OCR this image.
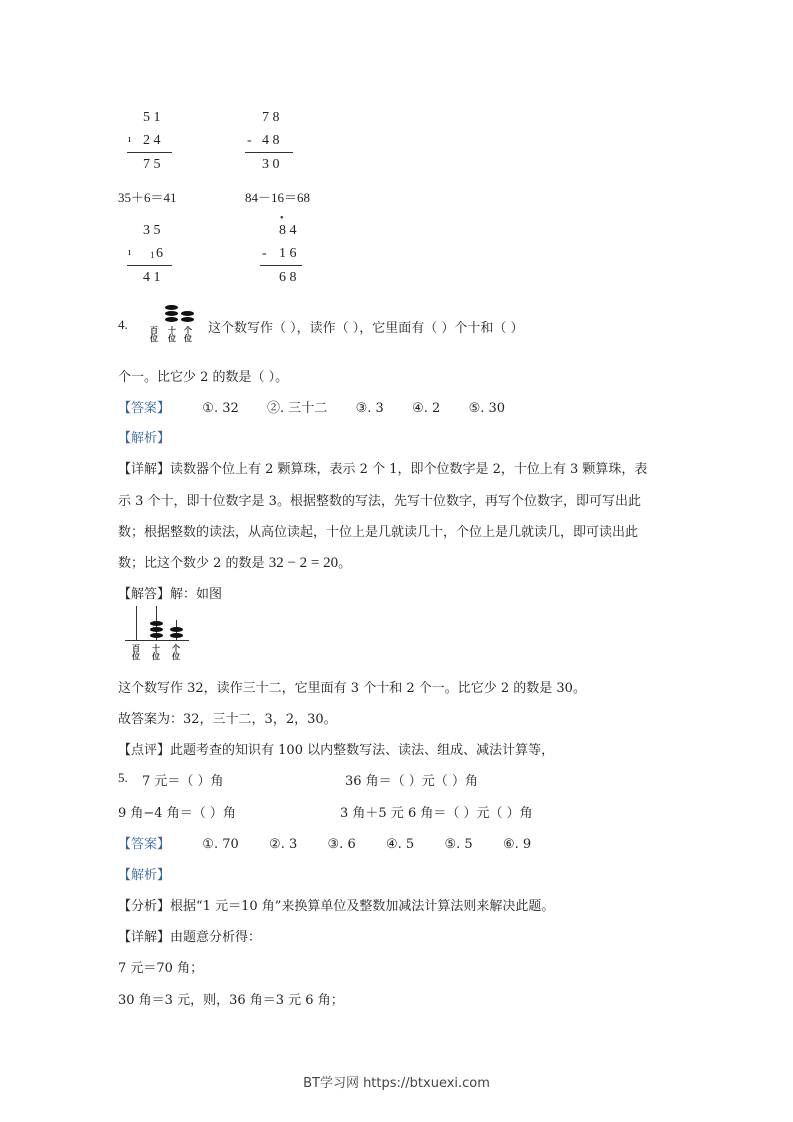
5 1
ı 2 4
7 5
7 8
- 4 8
3 0
35＋6＝41	84－16＝68
3 5
ı 1 6
4 1
•
8 4
- 1 6
6 8
4.	百
位
十
位
个
位
这个数写作（ ），读作（ ），它里面有（ ）个十和（ ）
个一。比它少 2 的数是（ ）。
【答案】 ①. 32 ②. 三十二 ③. 3 ④. 2 ⑤. 30
【解析】
【详解】读数器个位上有 2 颗算珠，表示 2 个 1，即个位数字是 2，十位上有 3 颗算珠，表
示 3 个十，即十位数字是 3。根据整数的写法，先写十位数字，再写个位数字，即可写出此
数；根据整数的读法，从高位读起，十位上是几就读几十，个位上是几就读几，即可读出此
数；比这个数少 2 的数是 32 − 2 = 20。
【解答】解：如图
百
位
十
位
个
位
这个数写作 32，读作三十二，它里面有 3 个十和 2 个一。比它少 2 的数是 30。
故答案为：32，三十二，3，2，30。
【点评】此题考查的知识有 100 以内整数写法、读法、组成、减法计算等，
5. 7 元＝（ ）角	36 角＝（ ）元（ ）角
9 角−4 角＝（ ）角	3 角＋5 元 6 角＝（ ）元（ ）角
【答案】 ①. 70 ②. 3 ③. 6 ④. 5 ⑤. 5 ⑥. 9
【解析】
【分析】根据“1 元＝10 角”来换算单位及整数加减法计算法则来解决此题。
【详解】由题意分析得：
7 元＝70 角；
30 角＝3 元，则，36 角＝3 元 6 角；
BT学习网 https://btxuexi.com
